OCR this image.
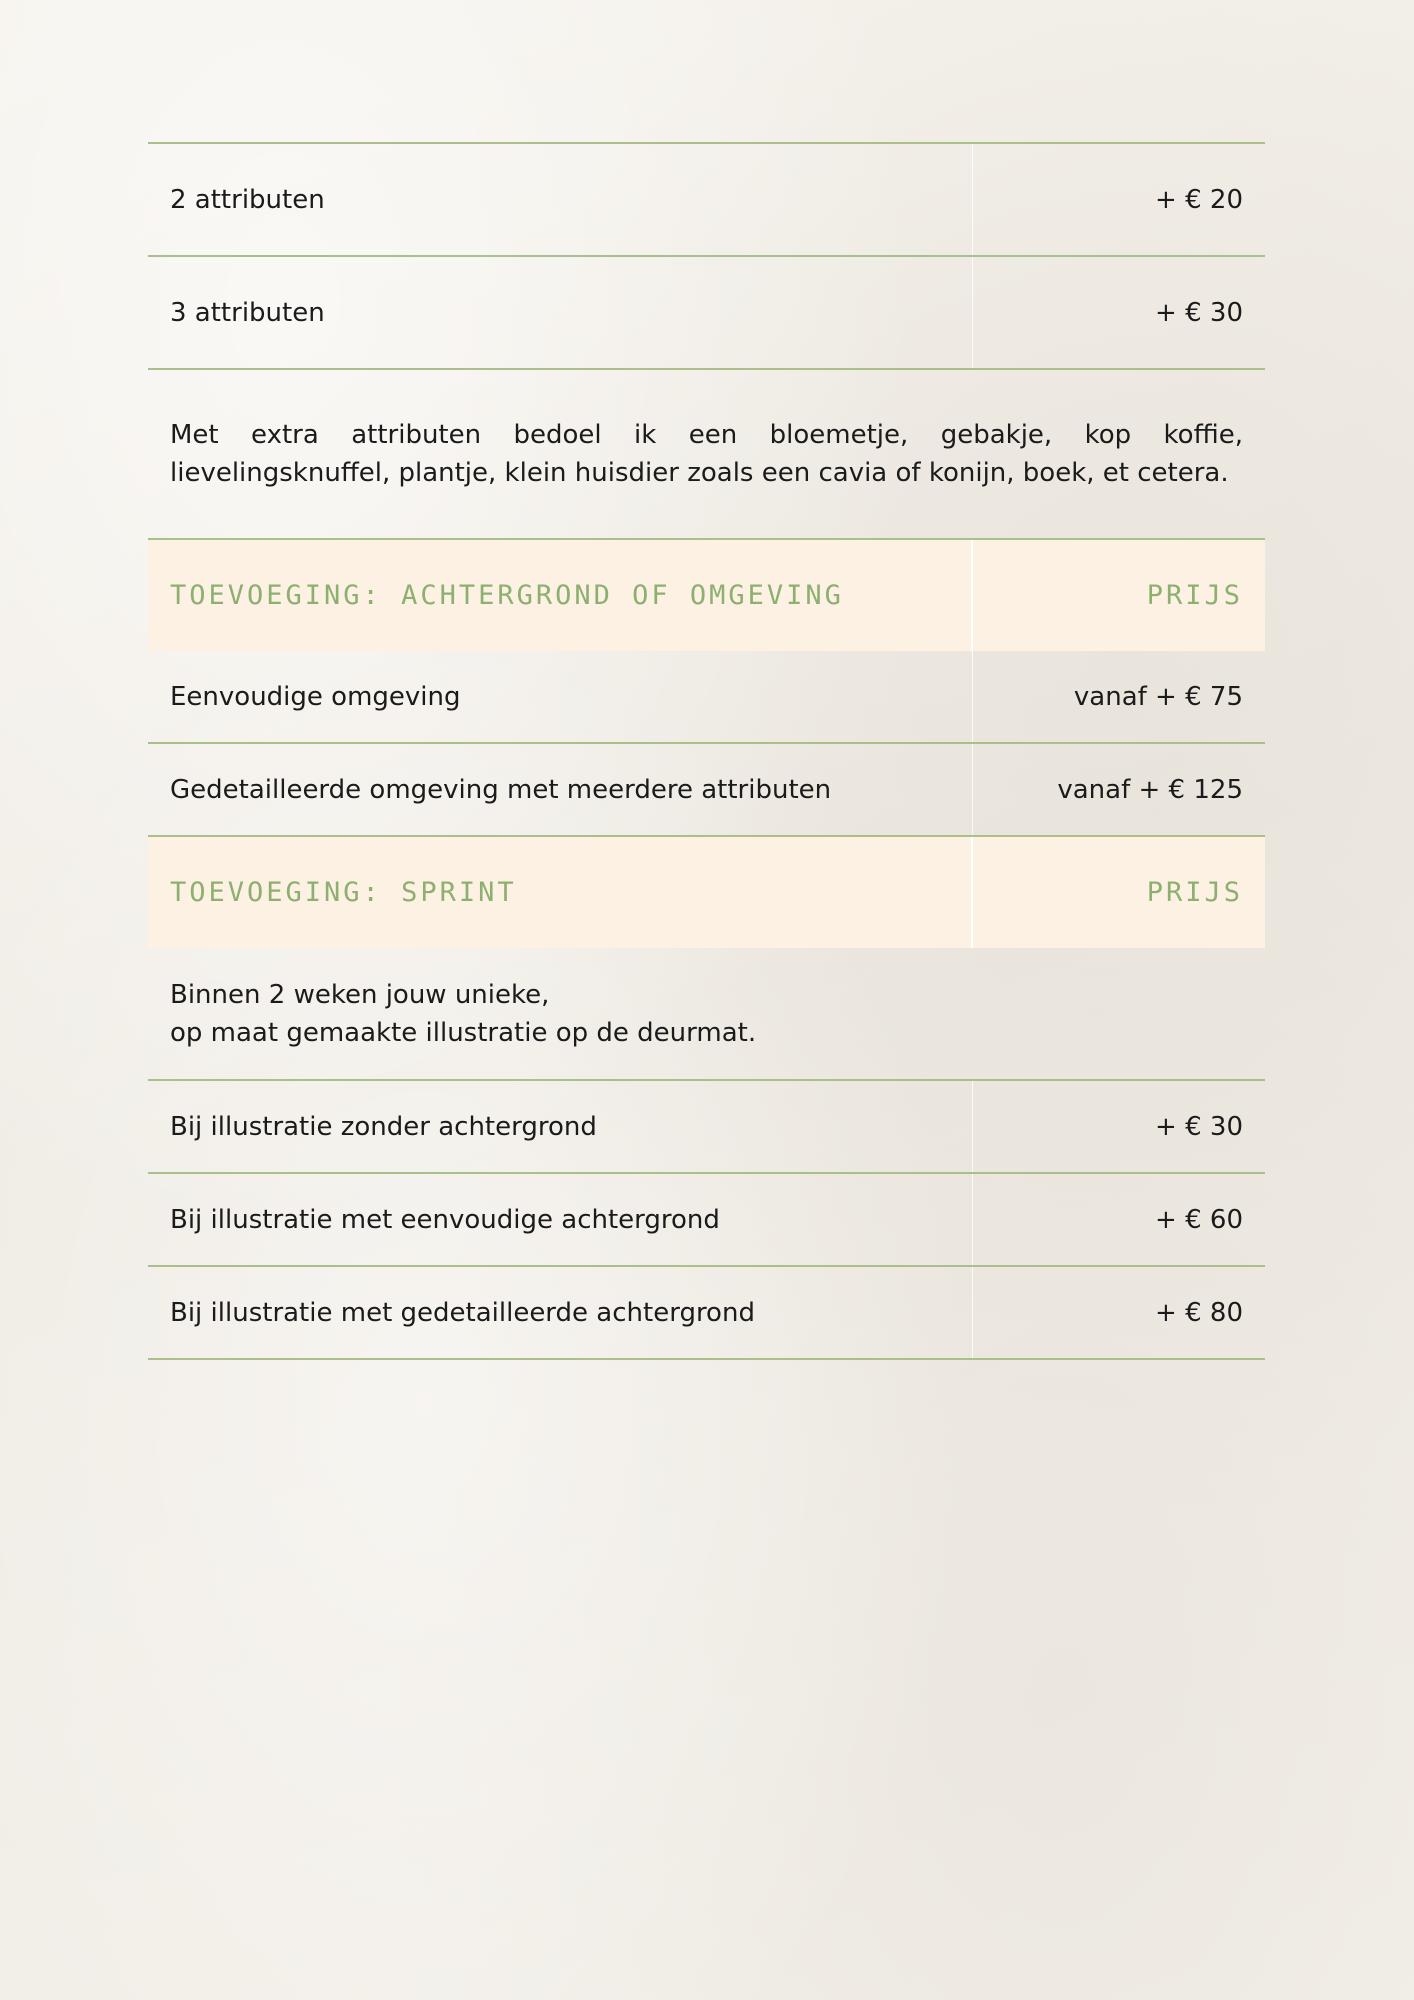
2 attributen	+ € 20
3 attributen	+ € 30
Met extra attributen bedoel ik een bloemetje, gebakje, kop koffie, lievelingsknuffel, plantje, klein huisdier zoals een cavia of konijn, boek, et cetera.	
TOEVOEGING: ACHTERGROND OF OMGEVING	PRIJS
Eenvoudige omgeving	vanaf + € 75
Gedetailleerde omgeving met meerdere attributen	vanaf + € 125
TOEVOEGING: SPRINT	PRIJS

Binnen 2 weken jouw unieke,
op maat gemaakte illustratie op de deurmat.	

Bij illustratie zonder achtergrond	+ € 30
Bij illustratie met eenvoudige achtergrond	+ € 60
Bij illustratie met gedetailleerde achtergrond	+ € 80
